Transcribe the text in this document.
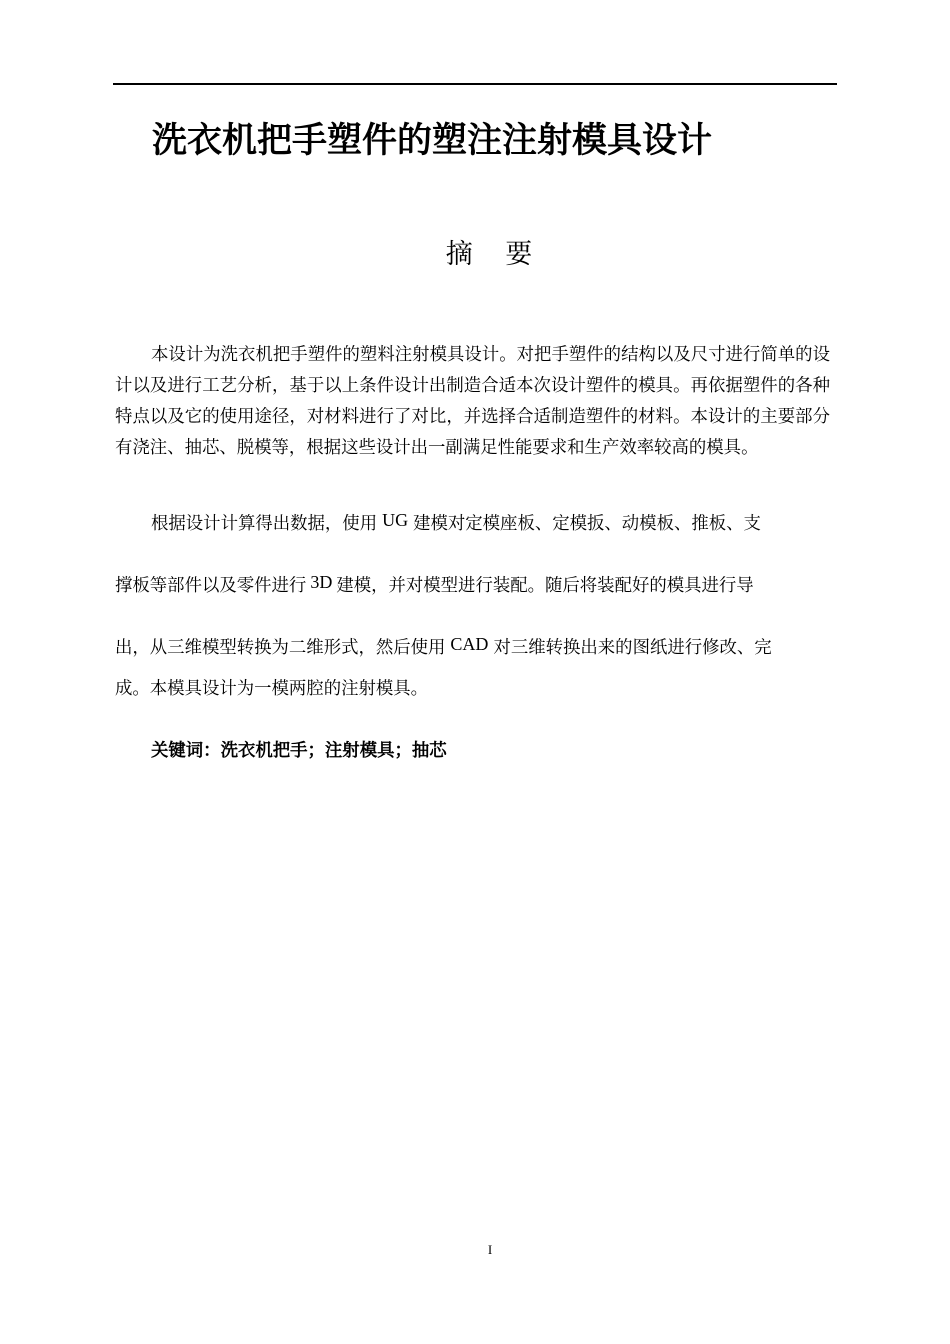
洗衣机把手塑件的塑注注射模具设计
摘 要

本设计为洗衣机把手塑件的塑料注射模具设计。对把手塑件的结构以及尺寸进行简单的设计以及进行工艺分析，基于以上条件设计出制造合适本次设计塑件的模具。再依据塑件的各种特点以及它的使用途径，对材料进行了对比，并选择合适制造塑件的材料。本设计的主要部分有浇注、抽芯、脱模等，根据这些设计出一副满足性能要求和生产效率较高的模具。

根据设计计算得出数据，使用 UG 建模对定模座板、定模扳、动模板、推板、支

撑板等部件以及零件进行 3D 建模，并对模型进行装配。随后将装配好的模具进行导

出，从三维模型转换为二维形式，然后使用 CAD 对三维转换出来的图纸进行修改、完

成。本模具设计为一模两腔的注射模具。

关键词：洗衣机把手；注射模具；抽芯

I
